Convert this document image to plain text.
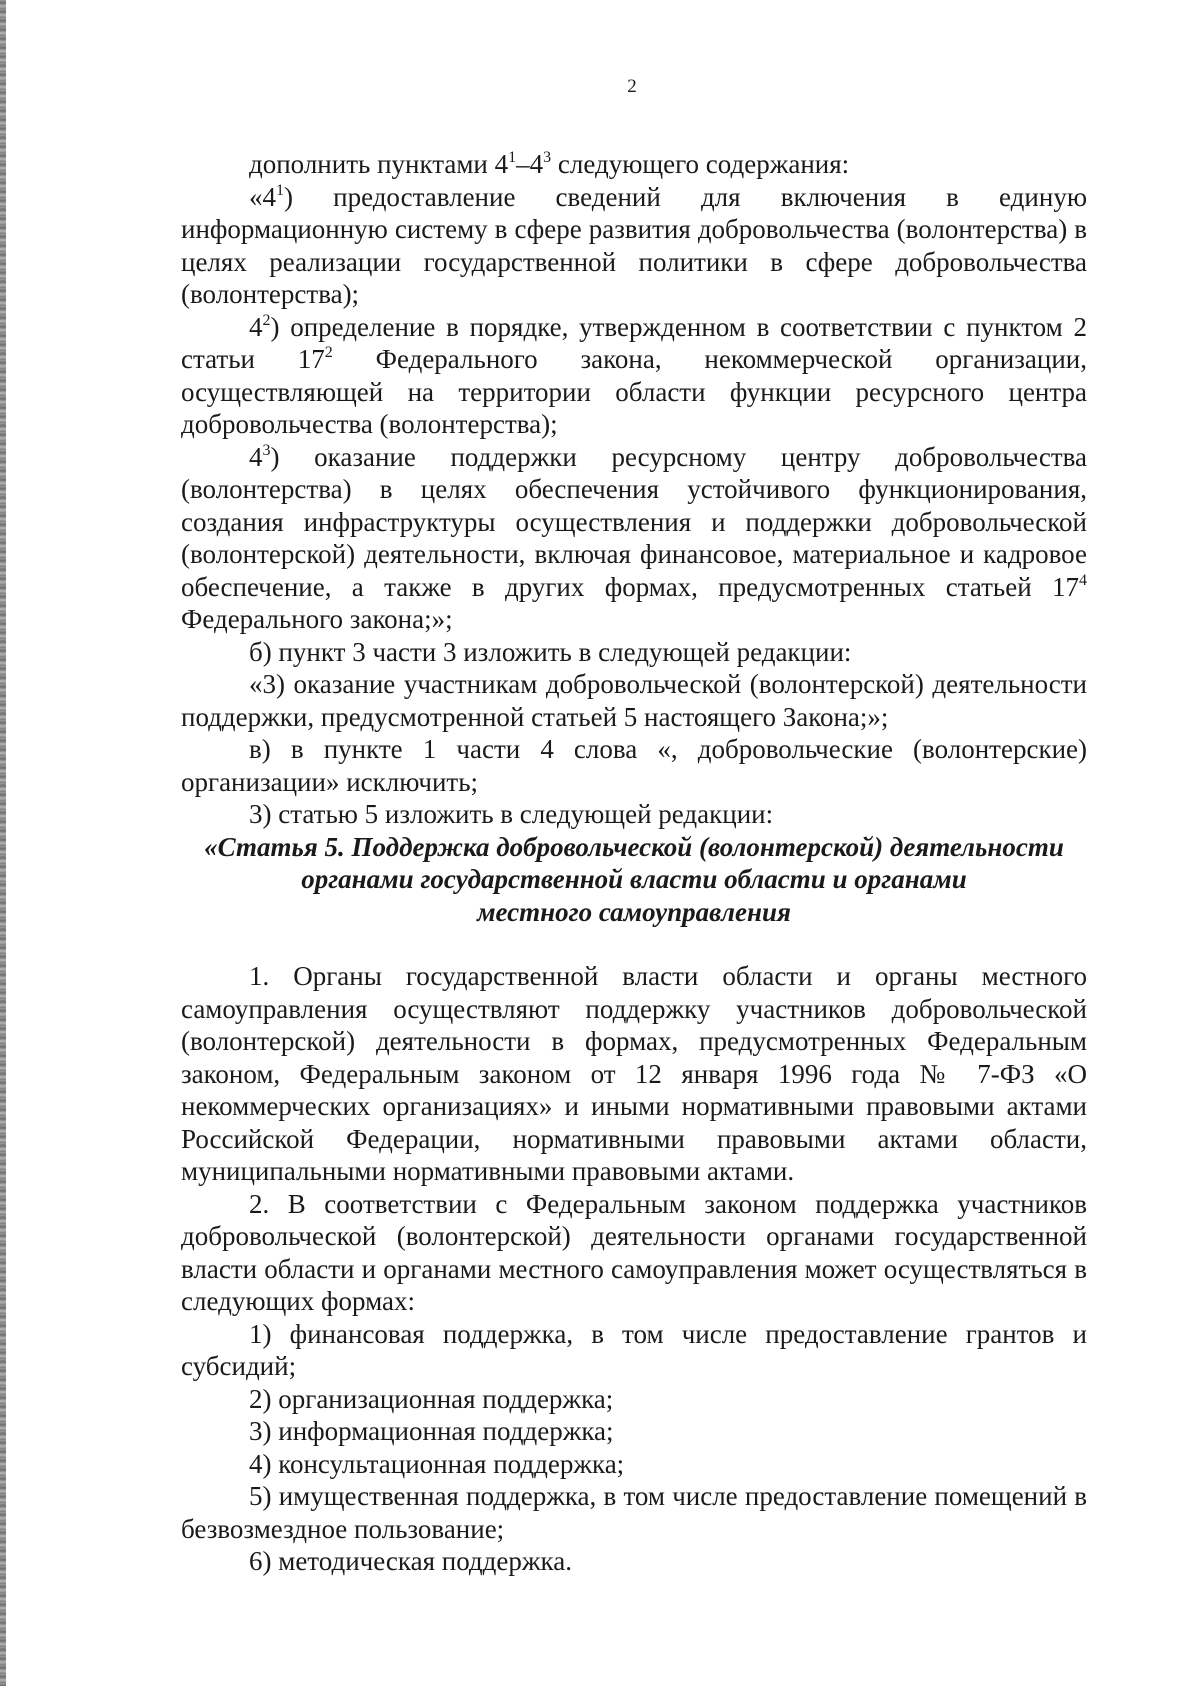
2

дополнить пунктами $4^1-4^3$ следующего содержания:

«$4^1$) предоставление сведений для включения в единую информационную систему в сфере развития добровольчества (волонтерства) в целях реализации государственной политики в сфере добровольчества (волонтерства);

$4^2$) определение в порядке, утвержденном в соответствии с пунктом 2 статьи $17^2$ Федерального закона, некоммерческой организации, осуществляющей на территории области функции ресурсного центра добровольчества (волонтерства);

$4^3$) оказание поддержки ресурсному центру добровольчества (волонтерства) в целях обеспечения устойчивого функционирования, создания инфраструктуры осуществления и поддержки добровольческой (волонтерской) деятельности, включая финансовое, материальное и кадровое обеспечение, а также в других формах, предусмотренных статьей $17^4$ Федерального закона;»;

б) пункт 3 части 3 изложить в следующей редакции:

«3) оказание участникам добровольческой (волонтерской) деятельности поддержки, предусмотренной статьей 5 настоящего Закона;»;

в) в пункте 1 части 4 слова «, добровольческие (волонтерские) организации» исключить;

3) статью 5 изложить в следующей редакции:

«Статья 5. Поддержка добровольческой (волонтерской) деятельности
органами государственной власти области и органами
местного самоуправления

1. Органы государственной власти области и органы местного самоуправления осуществляют поддержку участников добровольческой (волонтерской) деятельности в формах, предусмотренных Федеральным законом, Федеральным законом от 12 января 1996 года № 7-ФЗ «О некоммерческих организациях» и иными нормативными правовыми актами Российской Федерации, нормативными правовыми актами области, муниципальными нормативными правовыми актами.

2. В соответствии с Федеральным законом поддержка участников добровольческой (волонтерской) деятельности органами государственной власти области и органами местного самоуправления может осуществляться в следующих формах:

1) финансовая поддержка, в том числе предоставление грантов и субсидий;

2) организационная поддержка;

3) информационная поддержка;

4) консультационная поддержка;

5) имущественная поддержка, в том числе предоставление помещений в безвозмездное пользование;

6) методическая поддержка.
